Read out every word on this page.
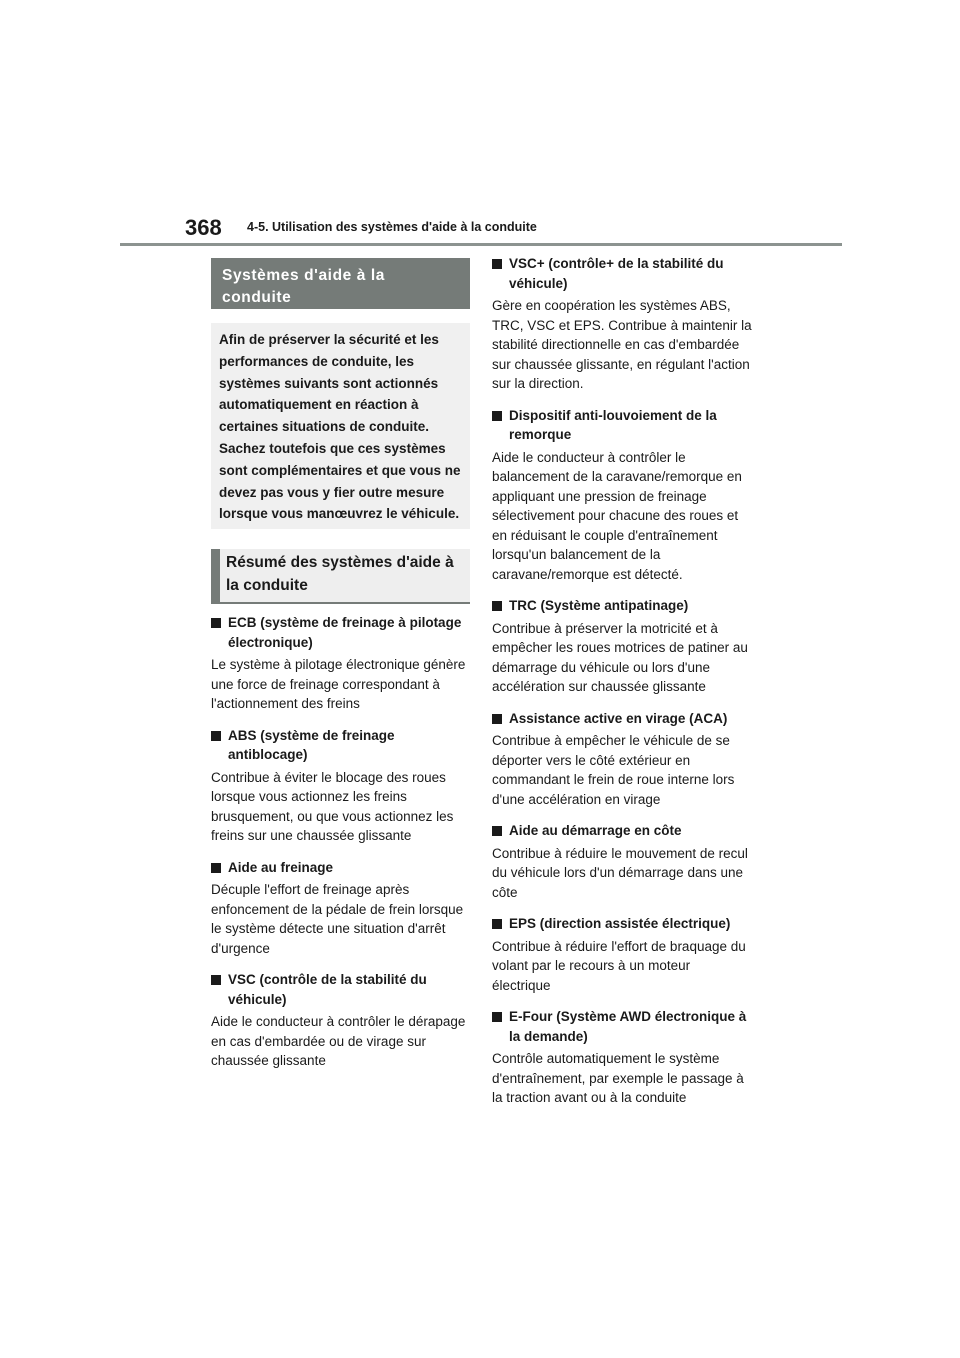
368 4-5. Utilisation des systèmes d'aide à la conduite
Systèmes d'aide à la conduite
Afin de préserver la sécurité et les performances de conduite, les systèmes suivants sont actionnés automatiquement en réaction à certaines situations de conduite. Sachez toutefois que ces systèmes sont complémentaires et que vous ne devez pas vous y fier outre mesure lorsque vous manœuvrez le véhicule.
Résumé des systèmes d'aide à la conduite
ECB (système de freinage à pilotage électronique)
Le système à pilotage électronique génère une force de freinage correspondant à l'actionnement des freins
ABS (système de freinage antiblocage)
Contribue à éviter le blocage des roues lorsque vous actionnez les freins brusquement, ou que vous actionnez les freins sur une chaussée glissante
Aide au freinage
Décuple l'effort de freinage après enfoncement de la pédale de frein lorsque le système détecte une situation d'arrêt d'urgence
VSC (contrôle de la stabilité du véhicule)
Aide le conducteur à contrôler le dérapage en cas d'embardée ou de virage sur chaussée glissante
VSC+ (contrôle+ de la stabilité du véhicule)
Gère en coopération les systèmes ABS, TRC, VSC et EPS. Contribue à maintenir la stabilité directionnelle en cas d'embardée sur chaussée glissante, en régulant l'action sur la direction.
Dispositif anti-louvoiement de la remorque
Aide le conducteur à contrôler le balancement de la caravane/remorque en appliquant une pression de freinage sélectivement pour chacune des roues et en réduisant le couple d'entraînement lorsqu'un balancement de la caravane/remorque est détecté.
TRC (Système antipatinage)
Contribue à préserver la motricité et à empêcher les roues motrices de patiner au démarrage du véhicule ou lors d'une accélération sur chaussée glissante
Assistance active en virage (ACA)
Contribue à empêcher le véhicule de se déporter vers le côté extérieur en commandant le frein de roue interne lors d'une accélération en virage
Aide au démarrage en côte
Contribue à réduire le mouvement de recul du véhicule lors d'un démarrage dans une côte
EPS (direction assistée électrique)
Contribue à réduire l'effort de braquage du volant par le recours à un moteur électrique
E-Four (Système AWD électronique à la demande)
Contrôle automatiquement le système d'entraînement, par exemple le passage à la traction avant ou à la conduite
